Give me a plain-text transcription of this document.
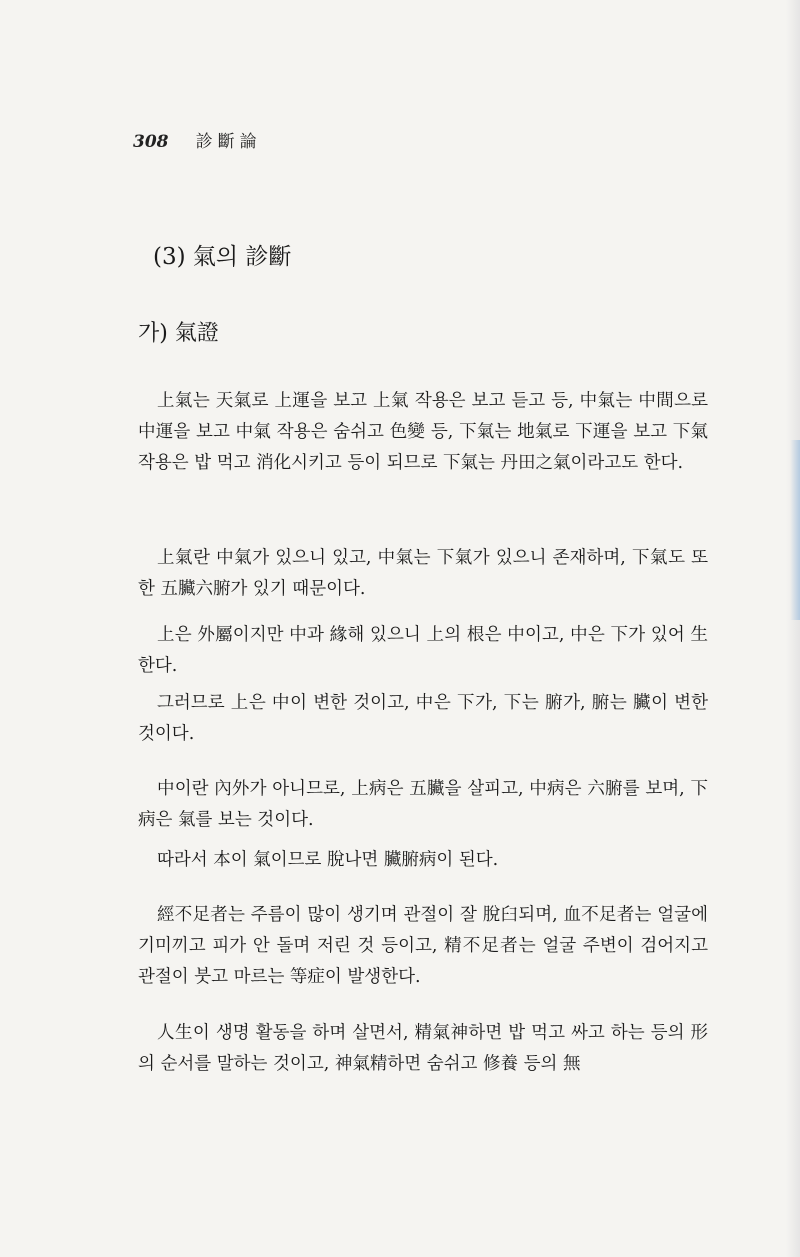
308 診斷論
(3) 氣의 診斷
가) 氣證

上氣는 天氣로 上運을 보고 上氣 작용은 보고 듣고 등, 中氣는 中間으로 中運을 보고 中氣 작용은 숨쉬고 色變 등, 下氣는 地氣로 下運을 보고 下氣 작용은 밥 먹고 消化시키고 등이 되므로 下氣는 丹田之氣이라고도 한다.

上氣란 中氣가 있으니 있고, 中氣는 下氣가 있으니 존재하며, 下氣도 또한 五臟六腑가 있기 때문이다.

上은 外屬이지만 中과 緣해 있으니 上의 根은 中이고, 中은 下가 있어 生한다.

그러므로 上은 中이 변한 것이고, 中은 下가, 下는 腑가, 腑는 臟이 변한 것이다.

中이란 內外가 아니므로, 上病은 五臟을 살피고, 中病은 六腑를 보며, 下病은 氣를 보는 것이다.

따라서 本이 氣이므로 脫나면 臟腑病이 된다.

經不足者는 주름이 많이 생기며 관절이 잘 脫臼되며, 血不足者는 얼굴에 기미끼고 피가 안 돌며 저린 것 등이고, 精不足者는 얼굴 주변이 검어지고 관절이 붓고 마르는 等症이 발생한다.

人生이 생명 활동을 하며 살면서, 精氣神하면 밥 먹고 싸고 하는 등의 形의 순서를 말하는 것이고, 神氣精하면 숨쉬고 修養 등의 無
